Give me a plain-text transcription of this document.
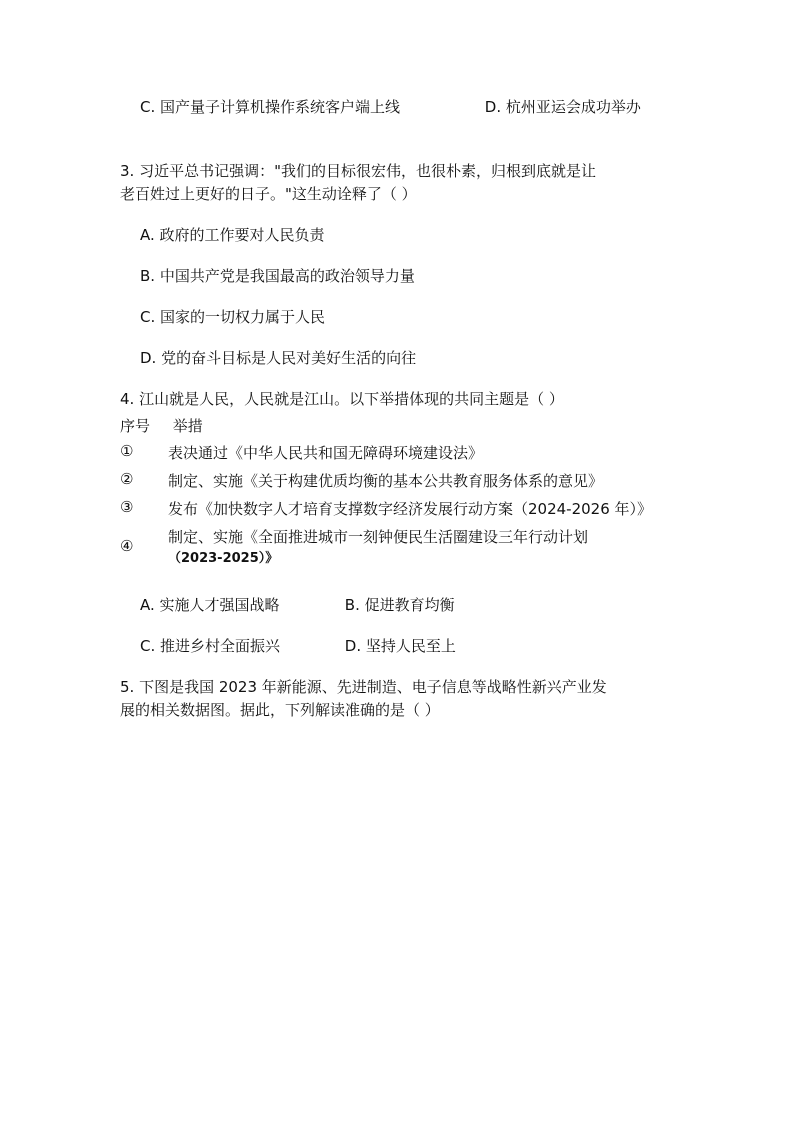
C. 国产量子计算机操作系统客户端上线	D. 杭州亚运会成功举办
3. 习近平总书记强调："我们的目标很宏伟，也很朴素，归根到底就是让
老百姓过上更好的日子。"这生动诠释了（ ）
A. 政府的工作要对人民负责
B. 中国共产党是我国最高的政治领导力量
C. 国家的一切权力属于人民
D. 党的奋斗目标是人民对美好生活的向往
4. 江山就是人民，人民就是江山。以下举措体现的共同主题是（ ）
序号 举措
①	表决通过《中华人民共和国无障碍环境建设法》
②	制定、实施《关于构建优质均衡的基本公共教育服务体系的意见》
③	发布《加快数字人才培育支撑数字经济发展行动方案（2024-2026 年）》
④	制定、实施《全面推进城市一刻钟便民生活圈建设三年行动计划
（2023-2025）》
A. 实施人才强国战略	B. 促进教育均衡
C. 推进乡村全面振兴	D. 坚持人民至上
5. 下图是我国 2023 年新能源、先进制造、电子信息等战略性新兴产业发
展的相关数据图。据此，下列解读准确的是（ ）
